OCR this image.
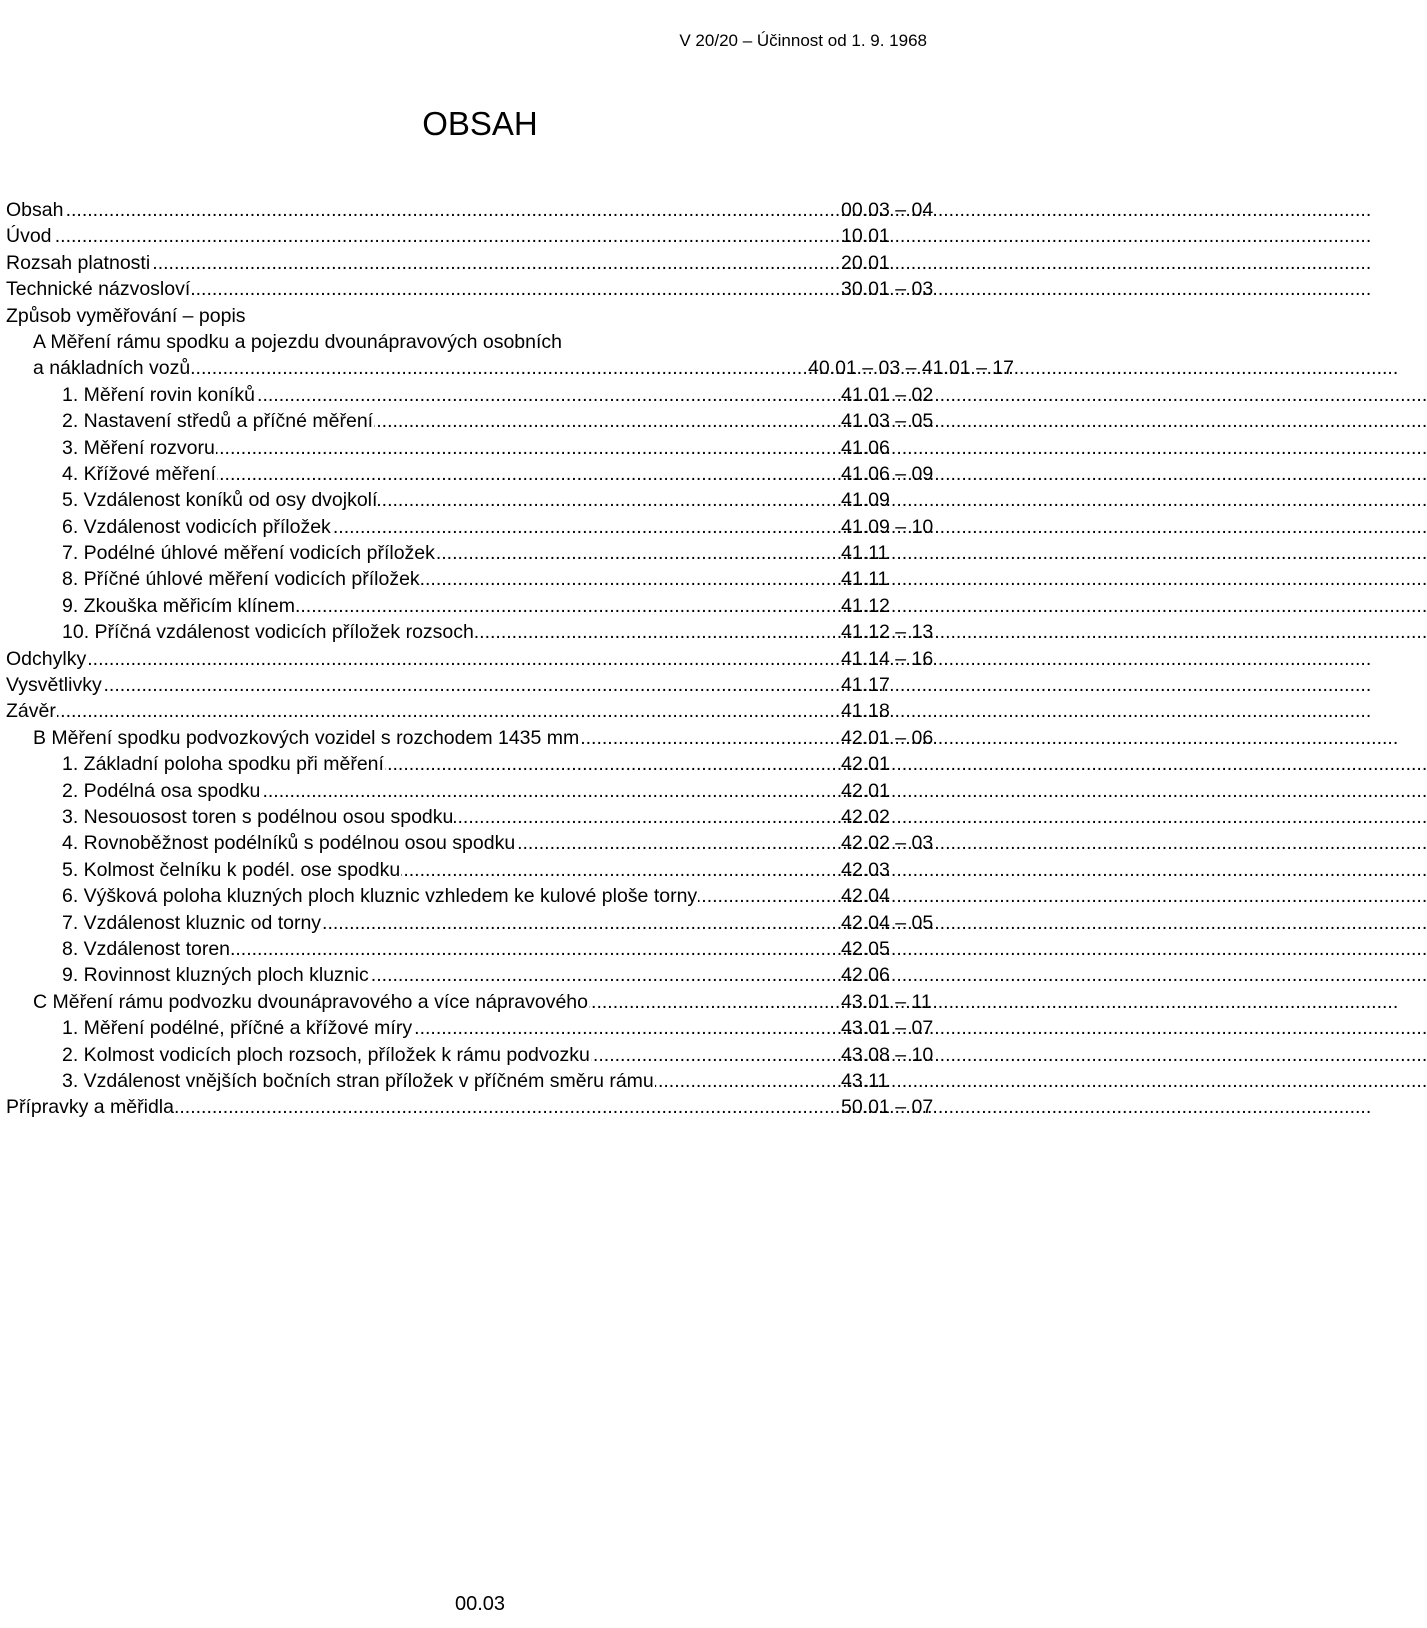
V 20/20 – Účinnost od 1. 9. 1968
OBSAH
.....
Obsah	00.03 – 04
.....
Úvod	10.01
.....
Rozsah platnosti	20.01
.....
Technické názvosloví	30.01 – 03
Způsob vyměřování – popis
A Měření rámu spodku a pojezdu dvounápravových osobních
.....
a nákladních vozů	40.01 – 03 – 41.01 – 17
.....
1. Měření rovin koníků	41.01 – 02
.....
2. Nastavení středů a příčné měření	41.03 – 05
.....
3. Měření rozvoru	41.06
.....
4. Křížové měření	41.06 – 09
.....
5. Vzdálenost koníků od osy dvojkolí	41.09
.....
6. Vzdálenost vodicích příložek	41.09 – 10
.....
7. Podélné úhlové měření vodicích příložek	41.11
.....
8. Příčné úhlové měření vodicích příložek	41.11
.....
9. Zkouška měřicím klínem	41.12
.....
10. Příčná vzdálenost vodicích příložek rozsoch	41.12 – 13
.....
Odchylky	41.14 – 16
.....
Vysvětlivky	41.17
.....
Závěr	41.18
.....
B Měření spodku podvozkových vozidel s rozchodem 1435 mm	42.01 – 06
.....
1. Základní poloha spodku při měření	42.01
.....
2. Podélná osa spodku	42.01
.....
3. Nesouosost toren s podélnou osou spodku	42.02
.....
4. Rovnoběžnost podélníků s podélnou osou spodku	42.02 – 03
.....
5. Kolmost čelníku k podél. ose spodku	42.03
.....
6. Výšková poloha kluzných ploch kluznic vzhledem ke kulové ploše torny	42.04
.....
7. Vzdálenost kluznic od torny	42.04 – 05
.....
8. Vzdálenost toren	42.05
.....
9. Rovinnost kluzných ploch kluznic	42.06
.....
C Měření rámu podvozku dvounápravového a více nápravového	43.01 – 11
.....
1. Měření podélné, příčné a křížové míry	43.01 – 07
.....
2. Kolmost vodicích ploch rozsoch, příložek k rámu podvozku	43.08 – 10
.....
3. Vzdálenost vnějších bočních stran příložek v příčném směru rámu	43.11
.....
Přípravky a měřidla	50.01 – 07
00.03
